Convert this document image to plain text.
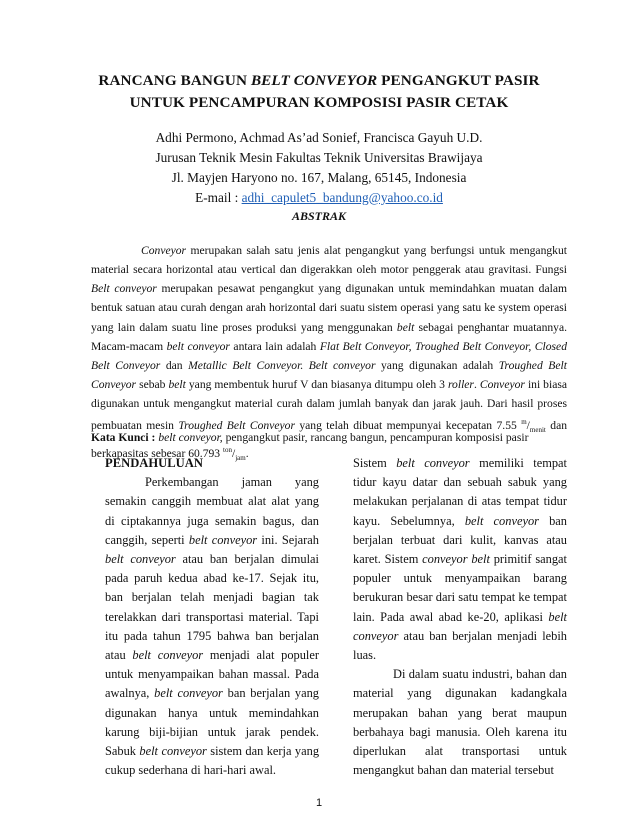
RANCANG BANGUN BELT CONVEYOR PENGANGKUT PASIR
UNTUK PENCAMPURAN KOMPOSISI PASIR CETAK
Adhi Permono, Achmad As’ad Sonief, Francisca Gayuh U.D.
Jurusan Teknik Mesin Fakultas Teknik Universitas Brawijaya
Jl. Mayjen Haryono no. 167, Malang, 65145, Indonesia
E-mail : adhi_capulet5_bandung@yahoo.co.id
ABSTRAK
Conveyor merupakan salah satu jenis alat pengangkut yang berfungsi untuk mengangkut material secara horizontal atau vertical dan digerakkan oleh motor penggerak atau gravitasi. Fungsi Belt conveyor merupakan pesawat pengangkut yang digunakan untuk memindahkan muatan dalam bentuk satuan atau curah dengan arah horizontal dari suatu sistem operasi yang satu ke system operasi yang lain dalam suatu line proses produksi yang menggunakan belt sebagai penghantar muatannya. Macam-macam belt conveyor antara lain adalah Flat Belt Conveyor, Troughed Belt Conveyor, Closed Belt Conveyor dan Metallic Belt Conveyor. Belt conveyor yang digunakan adalah Troughed Belt Conveyor sebab belt yang membentuk huruf V dan biasanya ditumpu oleh 3 roller. Conveyor ini biasa digunakan untuk mengangkut material curah dalam jumlah banyak dan jarak jauh. Dari hasil proses pembuatan mesin Troughed Belt Conveyor yang telah dibuat mempunyai kecepatan 7.55 $^m/_{menit}$ dan berkapasitas sebesar 60.793 $^{ton}/_{jam}$.
Kata Kunci : belt conveyor, pengangkut pasir, rancang bangun, pencampuran komposisi pasir
PENDAHULUAN

Perkembangan jaman yang semakin canggih membuat alat alat yang di ciptakannya juga semakin bagus, dan canggih, seperti belt conveyor ini. Sejarah belt conveyor atau ban berjalan dimulai pada paruh kedua abad ke-17. Sejak itu, ban berjalan telah menjadi bagian tak terelakkan dari transportasi material. Tapi itu pada tahun 1795 bahwa ban berjalan atau belt conveyor menjadi alat populer untuk menyampaikan bahan massal. Pada awalnya, belt conveyor ban berjalan yang digunakan hanya untuk memindahkan karung biji-bijian untuk jarak pendek. Sabuk belt conveyor sistem dan kerja yang cukup sederhana di hari-hari awal.

Sistem belt conveyor memiliki tempat tidur kayu datar dan sebuah sabuk yang melakukan perjalanan di atas tempat tidur kayu. Sebelumnya, belt conveyor ban berjalan terbuat dari kulit, kanvas atau karet. Sistem conveyor belt primitif sangat populer untuk menyampaikan barang berukuran besar dari satu tempat ke tempat lain. Pada awal abad ke-20, aplikasi belt conveyor atau ban berjalan menjadi lebih luas.

Di dalam suatu industri, bahan dan material yang digunakan kadangkala merupakan bahan yang berat maupun berbahaya bagi manusia. Oleh karena itu diperlukan alat transportasi untuk mengangkut bahan dan material tersebut

1
